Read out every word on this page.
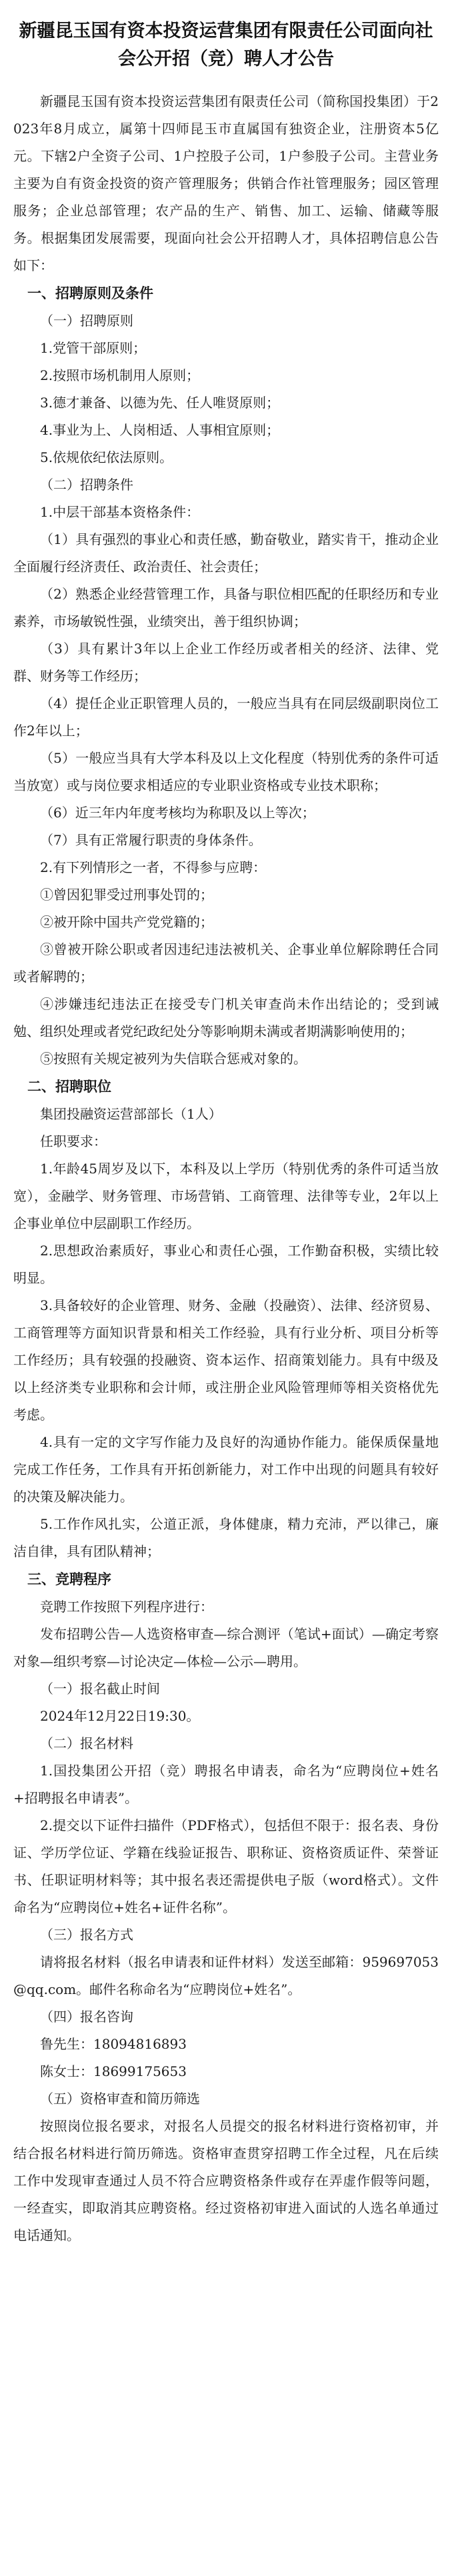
新疆昆玉国有资本投资运营集团有限责任公司面向社会公开招（竞）聘人才公告
新疆昆玉国有资本投资运营集团有限责任公司（简称国投集团）于2023年8月成立，属第十四师昆玉市直属国有独资企业，注册资本5亿元。下辖2户全资子公司、1户控股子公司，1户参股子公司。主营业务主要为自有资金投资的资产管理服务；供销合作社管理服务；园区管理服务；企业总部管理；农产品的生产、销售、加工、运输、储藏等服务。根据集团发展需要，现面向社会公开招聘人才，具体招聘信息公告如下：
一、招聘原则及条件
（一）招聘原则
1.党管干部原则；
2.按照市场机制用人原则；
3.德才兼备、以德为先、任人唯贤原则；
4.事业为上、人岗相适、人事相宜原则；
5.依规依纪依法原则。
（二）招聘条件
1.中层干部基本资格条件：
（1）具有强烈的事业心和责任感，勤奋敬业，踏实肯干，推动企业全面履行经济责任、政治责任、社会责任；
（2）熟悉企业经营管理工作，具备与职位相匹配的任职经历和专业素养，市场敏锐性强，业绩突出，善于组织协调；
（3）具有累计3年以上企业工作经历或者相关的经济、法律、党群、财务等工作经历；
（4）提任企业正职管理人员的，一般应当具有在同层级副职岗位工作2年以上；
（5）一般应当具有大学本科及以上文化程度（特别优秀的条件可适当放宽）或与岗位要求相适应的专业职业资格或专业技术职称；
（6）近三年内年度考核均为称职及以上等次；
（7）具有正常履行职责的身体条件。
2.有下列情形之一者，不得参与应聘：
①曾因犯罪受过刑事处罚的；
②被开除中国共产党党籍的；
③曾被开除公职或者因违纪违法被机关、企事业单位解除聘任合同或者解聘的；
④涉嫌违纪违法正在接受专门机关审查尚未作出结论的；受到诫勉、组织处理或者党纪政纪处分等影响期未满或者期满影响使用的；
⑤按照有关规定被列为失信联合惩戒对象的。
二、招聘职位
集团投融资运营部部长（1人）
任职要求：
1.年龄45周岁及以下，本科及以上学历（特别优秀的条件可适当放宽），金融学、财务管理、市场营销、工商管理、法律等专业，2年以上企事业单位中层副职工作经历。
2.思想政治素质好，事业心和责任心强，工作勤奋积极，实绩比较明显。
3.具备较好的企业管理、财务、金融（投融资）、法律、经济贸易、工商管理等方面知识背景和相关工作经验，具有行业分析、项目分析等工作经历；具有较强的投融资、资本运作、招商策划能力。具有中级及以上经济类专业职称和会计师，或注册企业风险管理师等相关资格优先考虑。
4.具有一定的文字写作能力及良好的沟通协作能力。能保质保量地完成工作任务，工作具有开拓创新能力，对工作中出现的问题具有较好的决策及解决能力。
5.工作作风扎实，公道正派，身体健康，精力充沛，严以律己，廉洁自律，具有团队精神；
三、竞聘程序
竞聘工作按照下列程序进行：
发布招聘公告—人选资格审查—综合测评（笔试+面试）—确定考察对象—组织考察—讨论决定—体检—公示—聘用。
（一）报名截止时间
2024年12月22日19:30。
（二）报名材料
1.国投集团公开招（竞）聘报名申请表，命名为“应聘岗位+姓名+招聘报名申请表”。
2.提交以下证件扫描件（PDF格式），包括但不限于：报名表、身份证、学历学位证、学籍在线验证报告、职称证、资格资质证件、荣誉证书、任职证明材料等；其中报名表还需提供电子版（word格式）。文件命名为“应聘岗位+姓名+证件名称”。
（三）报名方式
请将报名材料（报名申请表和证件材料）发送至邮箱：959697053@qq.com。邮件名称命名为“应聘岗位+姓名”。
（四）报名咨询
鲁先生：18094816893
陈女士：18699175653
（五）资格审查和简历筛选
按照岗位报名要求，对报名人员提交的报名材料进行资格初审，并结合报名材料进行简历筛选。资格审查贯穿招聘工作全过程，凡在后续工作中发现审查通过人员不符合应聘资格条件或存在弄虚作假等问题，一经查实，即取消其应聘资格。经过资格初审进入面试的人选名单通过电话通知。
